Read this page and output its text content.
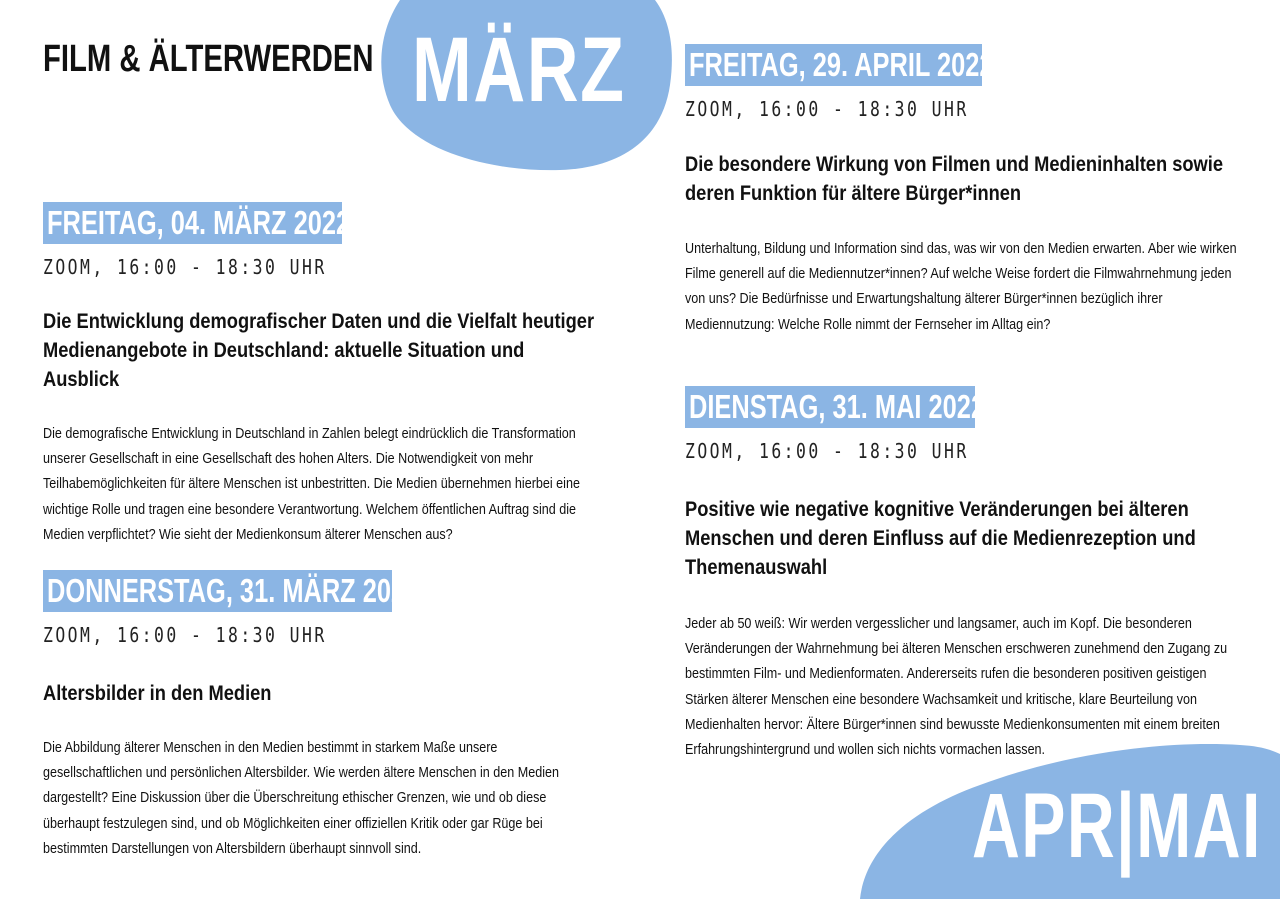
MÄRZ
APR|MAI
FILM & ÄLTERWERDEN
FREITAG, 04. MÄRZ 2022
ZOOM, 16:00 - 18:30 UHR
Die Entwicklung demografischer Daten und die Vielfalt heutiger Medienangebote in Deutschland: aktuelle Situation und Ausblick
Die demografische Entwicklung in Deutschland in Zahlen belegt eindrücklich die Transformation unserer Gesellschaft in eine Gesellschaft des hohen Alters. Die Notwendigkeit von mehr Teilhabemöglichkeiten für ältere Menschen ist unbestritten. Die Medien übernehmen hierbei eine wichtige Rolle und tragen eine besondere Verantwortung. Welchem öffentlichen Auftrag sind die Medien verpflichtet? Wie sieht der Medienkonsum älterer Menschen aus?
DONNERSTAG, 31. MÄRZ 2022
ZOOM, 16:00 - 18:30 UHR
Altersbilder in den Medien
Die Abbildung älterer Menschen in den Medien bestimmt in starkem Maße unsere gesellschaftlichen und persönlichen Altersbilder. Wie werden ältere Menschen in den Medien dargestellt? Eine Diskussion über die Überschreitung ethischer Grenzen, wie und ob diese überhaupt festzulegen sind, und ob Möglichkeiten einer offiziellen Kritik oder gar Rüge bei bestimmten Darstellungen von Altersbildern überhaupt sinnvoll sind.
FREITAG, 29. APRIL 2022
ZOOM, 16:00 - 18:30 UHR
Die besondere Wirkung von Filmen und Medieninhalten sowie deren Funktion für ältere Bürger*innen
Unterhaltung, Bildung und Information sind das, was wir von den Medien erwarten. Aber wie wirken Filme generell auf die Mediennutzer*innen? Auf welche Weise fordert die Filmwahrnehmung jeden von uns? Die Bedürfnisse und Erwartungshaltung älterer Bürger*innen bezüglich ihrer Mediennutzung: Welche Rolle nimmt der Fernseher im Alltag ein?
DIENSTAG, 31. MAI 2022
ZOOM, 16:00 - 18:30 UHR
Positive wie negative kognitive Veränderungen bei älteren Menschen und deren Einfluss auf die Medienrezeption und Themenauswahl
Jeder ab 50 weiß: Wir werden vergesslicher und langsamer, auch im Kopf. Die besonderen Veränderungen der Wahrnehmung bei älteren Menschen erschweren zunehmend den Zugang zu bestimmten Film- und Medienformaten. Andererseits rufen die besonderen positiven geistigen Stärken älterer Menschen eine besondere Wachsamkeit und kritische, klare Beurteilung von Medienhalten hervor: Ältere Bürger*innen sind bewusste Medienkonsumenten mit einem breiten Erfahrungshintergrund und wollen sich nichts vormachen lassen.
